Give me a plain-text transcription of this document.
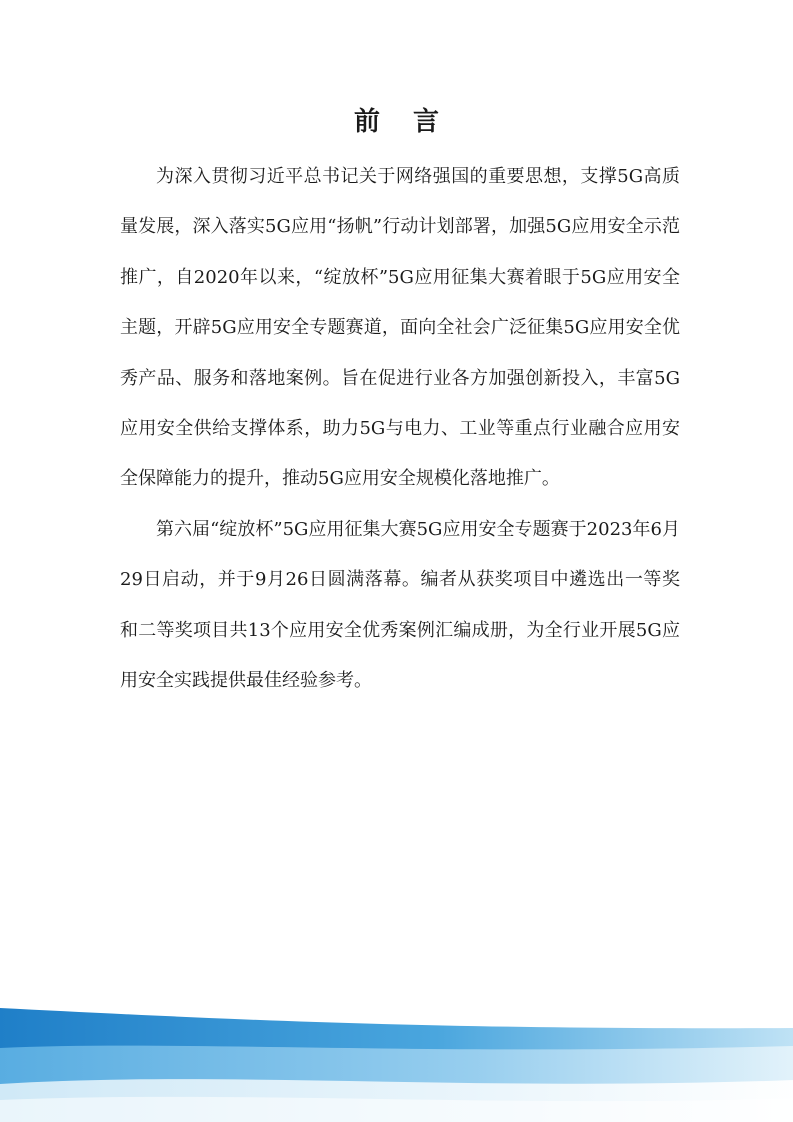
前 言

为深入贯彻习近平总书记关于网络强国的重要思想，支撑5G高质量发展，深入落实5G应用“扬帆”行动计划部署，加强5G应用安全示范推广，自2020年以来，“绽放杯”5G应用征集大赛着眼于5G应用安全主题，开辟5G应用安全专题赛道，面向全社会广泛征集5G应用安全优秀产品、服务和落地案例。旨在促进行业各方加强创新投入，丰富5G应用安全供给支撑体系，助力5G与电力、工业等重点行业融合应用安全保障能力的提升，推动5G应用安全规模化落地推广。

第六届“绽放杯”5G应用征集大赛5G应用安全专题赛于2023年6月29日启动，并于9月26日圆满落幕。编者从获奖项目中遴选出一等奖和二等奖项目共13个应用安全优秀案例汇编成册，为全行业开展5G应用安全实践提供最佳经验参考。
